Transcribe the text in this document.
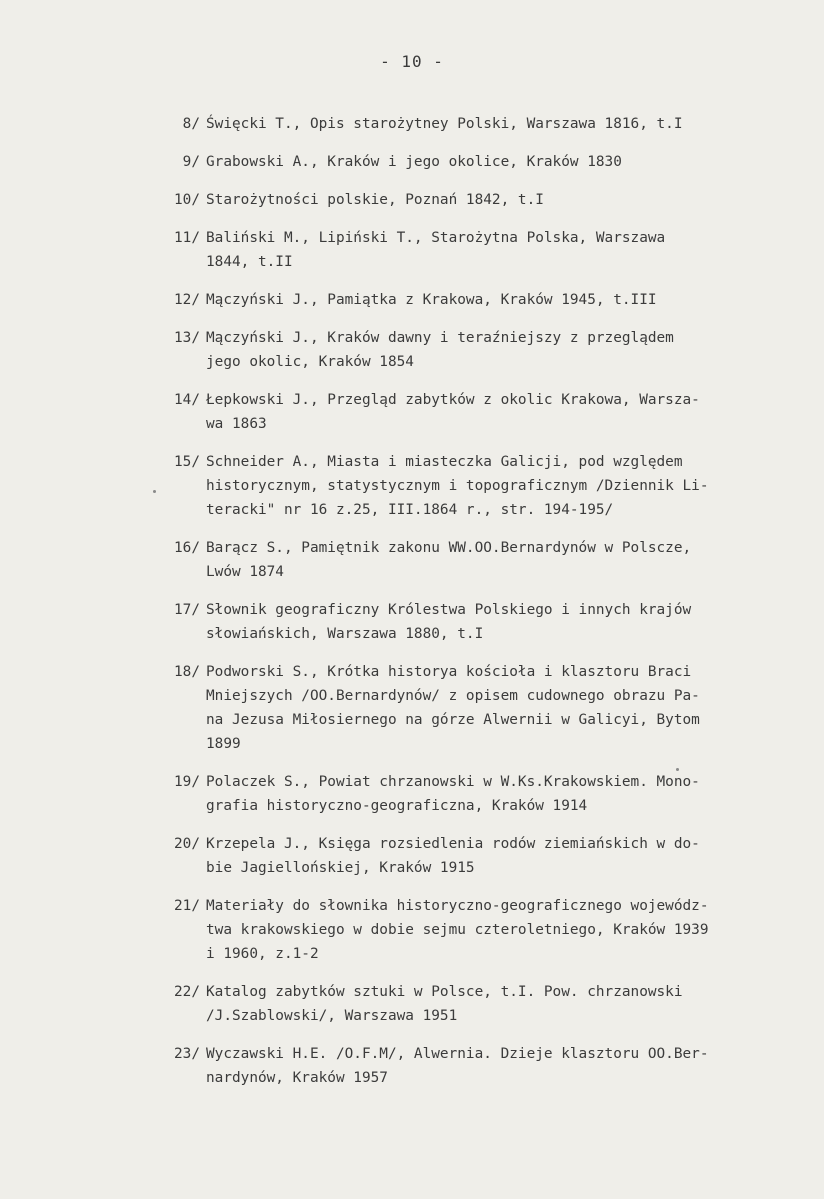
- 10 -
8/ Święcki T., Opis starożytney Polski, Warszawa 1816, t.I
9/ Grabowski A., Kraków i jego okolice, Kraków 1830
10/ Starożytności polskie, Poznań 1842, t.I
11/ Baliński M., Lipiński T., Starożytna Polska, Warszawa
1844, t.II
12/ Mączyński J., Pamiątka z Krakowa, Kraków 1945, t.III
13/ Mączyński J., Kraków dawny i teraźniejszy z przeglądem
jego okolic, Kraków 1854
14/ Łepkowski J., Przegląd zabytków z okolic Krakowa, Warsza-
wa 1863
15/ Schneider A., Miasta i miasteczka Galicji, pod względem
historycznym, statystycznym i topograficznym /Dziennik Li-
teracki" nr 16 z.25, III.1864 r., str. 194-195/
16/ Barącz S., Pamiętnik zakonu WW.OO.Bernardynów w Polscze,
Lwów 1874
17/ Słownik geograficzny Królestwa Polskiego i innych krajów
słowiańskich, Warszawa 1880, t.I
18/ Podworski S., Krótka historya kościoła i klasztoru Braci
Mniejszych /OO.Bernardynów/ z opisem cudownego obrazu Pa-
na Jezusa Miłosiernego na górze Alwernii w Galicyi, Bytom
1899
19/ Polaczek S., Powiat chrzanowski w W.Ks.Krakowskiem. Mono-
grafia historyczno-geograficzna, Kraków 1914
20/ Krzepela J., Księga rozsiedlenia rodów ziemiańskich w do-
bie Jagiellońskiej, Kraków 1915
21/ Materiały do słownika historyczno-geograficznego wojewódz-
twa krakowskiego w dobie sejmu czteroletniego, Kraków 1939
i 1960, z.1-2
22/ Katalog zabytków sztuki w Polsce, t.I. Pow. chrzanowski
/J.Szablowski/, Warszawa 1951
23/ Wyczawski H.E. /O.F.M/, Alwernia. Dzieje klasztoru OO.Ber-
nardynów, Kraków 1957
